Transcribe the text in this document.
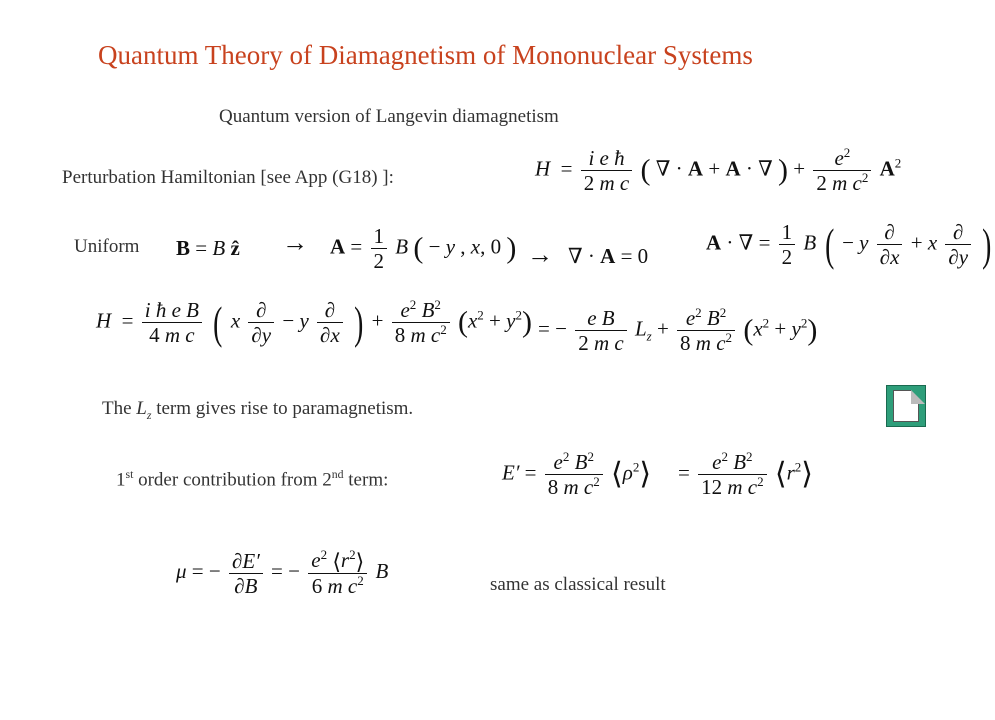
Quantum Theory of Diamagnetism of Mononuclear Systems
Quantum version of Langevin diamagnetism
Perturbation Hamiltonian [see App (G18) ]:	$H = \frac{\text{i e ħ}}{\text{2 m c}}$ ( ∇ · A + A · ∇ ) + $\frac{e^2}{2 m c^2} A^2$
Uniform B = B ẑ → $A = \frac{1}{2}$ B ( − y , x, 0 ) → ∇ · A = 0
A · ∇ = $\frac{1}{2}$ B ( − y $\frac{\partial}{\partial x} + x \frac{\partial}{\partial y}$ )
$H = \frac{\text{i ħ e B}}{\text{4 m c}}$ ( x $\frac{\partial}{\partial y} - y \frac{\partial}{\partial x}$ ) + $\frac{e^2 B^2}{8 m c^2} (x^2 + y^2)$ = − $\frac{\text{e B}}{\text{2 m c}} L_z + \frac{e^2 B^2}{8 m c^2} (x^2 + y^2)$
The $L_z$ term gives rise to paramagnetism.
1st order contribution from 2nd term:	$E' = \frac{e^2 B^2}{8 m c^2}$ $⟨\rho^2⟩ = \frac{e^2 B^2}{12 m c^2}$ $⟨r^2⟩$
μ = − $\frac{\partial E'}{\partial B}$ = − $\frac{e^2 ⟨r^2⟩}{6 m c^2}$ B
same as classical result
